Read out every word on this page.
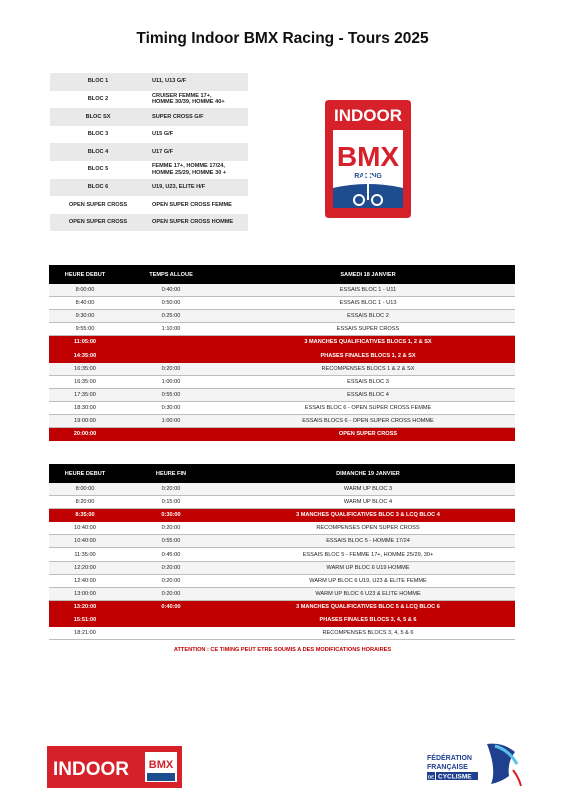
Timing Indoor BMX Racing - Tours 2025
BLOC 1	U11, U13 G/F
BLOC 2	CRUISER FEMME 17+,
HOMME 30/39, HOMME 40+
BLOC SX	SUPER CROSS G/F
BLOC 3	U15 G/F
BLOC 4	U17 G/F
BLOC 5	FEMME 17+, HOMME 17/24,
HOMME 25/29, HOMME 30 +
BLOC 6	U19, U23, ELITE H/F
OPEN SUPER CROSS	OPEN SUPER CROSS FEMME
OPEN SUPER CROSS	OPEN SUPER CROSS HOMME
INDOOR
BMX
RACING
HEURE DEBUT	TEMPS ALLOUE	SAMEDI 18 JANVIER
8:00:00	0:40:00	ESSAIS BLOC 1 - U11
8:40:00	0:50:00	ESSAIS BLOC 1 - U13
9:30:00	0:25:00	ESSAIS BLOC 2
9:55:00	1:10:00	ESSAIS SUPER CROSS
11:05:00		3 MANCHES QUALIFICATIVES BLOCS 1, 2 & SX
14:35:00		PHASES FINALES BLOCS 1, 2 & SX
16:35:00	0:20:00	RECOMPENSES BLOCS 1 & 2 & SX
16:35:00	1:00:00	ESSAIS BLOC 3
17:35:00	0:55:00	ESSAIS BLOC 4
18:30:00	0:30:00	ESSAIS BLOC 6 - OPEN SUPER CROSS FEMME
19:00:00	1:00:00	ESSAIS BLOCS 6 - OPEN SUPER CROSS HOMME
20:00:00		OPEN SUPER CROSS
HEURE DEBUT	HEURE FIN	DIMANCHE 19 JANVIER
8:00:00	0:20:00	WARM UP BLOC 3
8:20:00	0:15:00	WARM UP BLOC 4
8:35:00	0:30:00	3 MANCHES QUALIFICATIVES BLOC 3 & LCQ BLOC 4
10:40:00	0:20:00	RECOMPENSES OPEN SUPER CROSS
10:40:00	0:55:00	ESSAIS BLOC 5 - HOMME 17/24
11:35:00	0:45:00	ESSAIS BLOC 5 - FEMME 17+, HOMME 25/29, 30+
12:20:00	0:20:00	WARM UP BLOC 6 U19 HOMME
12:40:00	0:20:00	WARM UP BLOC 6 U19, U23 & ELITE FEMME
13:00:00	0:20:00	WARM UP BLOC 6 U23 & ELITE HOMME
13:20:00	0:40:00	3 MANCHES QUALIFICATIVES BLOC 5 & LCQ BLOC 6
15:51:00		PHASES FINALES BLOCS 3, 4, 5 & 6
18:21:00		RECOMPENSES BLOCS 3, 4, 5 & 6
ATTENTION : CE TIMING PEUT ETRE SOUMIS A DES MODIFICATIONS HORAIRES
INDOOR BMX
FÉDÉRATION
FRANÇAISE
DE CYCLISME
